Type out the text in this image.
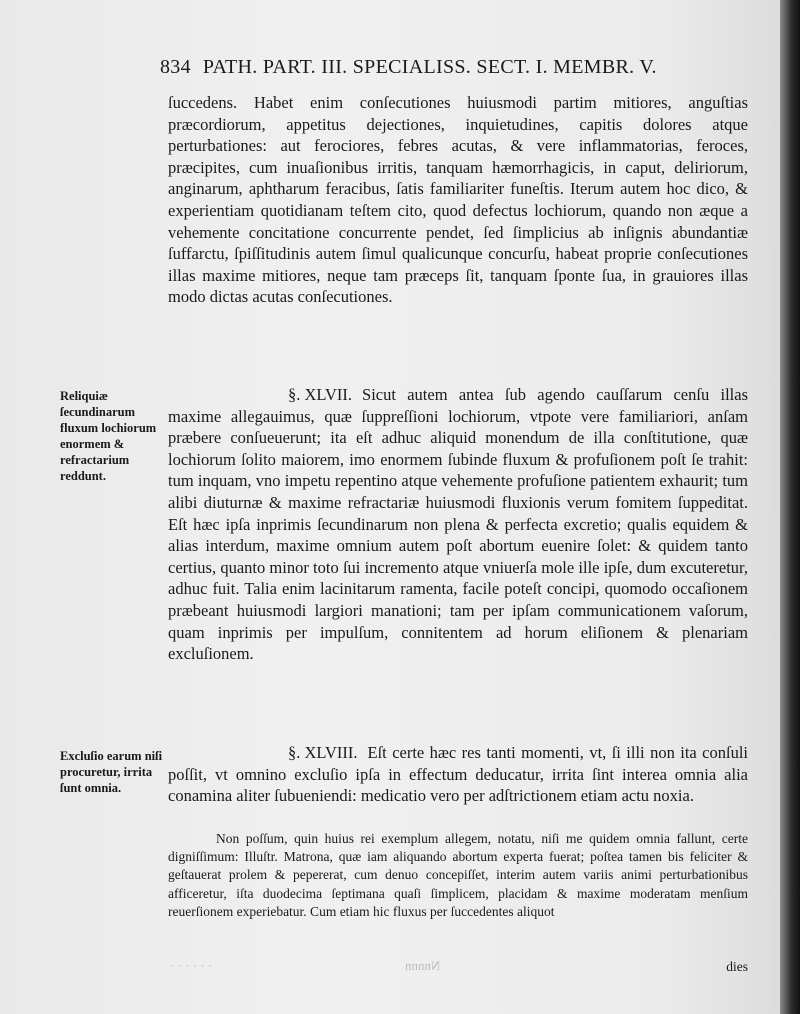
834 PATH. PART. III. SPECIALISS. SECT. I. MEMBR. V.

ſuccedens. Habet enim conſecutiones huiusmodi partim mitiores, anguſtias præcordiorum, appetitus dejectiones, inquietudines, capitis dolores atque perturbationes: aut ferociores, febres acutas, & vere inflammatorias, feroces, præcipites, cum inuaſionibus irritis, tanquam hæmorrhagicis, in caput, deliriorum, anginarum, aphtharum feracibus, ſatis familiariter funeſtis. Iterum autem hoc dico, & experientiam quotidianam teſtem cito, quod defectus lochiorum, quando non æque a vehemente concitatione concurrente pendet, ſed ſimplicius ab inſignis abundantiæ ſuffarctu, ſpiſſitudinis autem ſimul qualicunque concurſu, habeat proprie conſecutiones illas maxime mitiores, neque tam præceps ſit, tanquam ſponte ſua, in grauiores illas modo dictas acutas conſecutiones.

Reliquiæ ſecundinarum fluxum lochiorum enormem & refractarium reddunt.

§. XLVII. Sicut autem antea ſub agendo cauſſarum cenſu illas maxime allegauimus, quæ ſuppreſſioni lochiorum, vtpote vere familiariori, anſam præbere conſueuerunt; ita eſt adhuc aliquid monendum de illa conſtitutione, quæ lochiorum ſolito maiorem, imo enormem ſubinde fluxum & profuſionem poſt ſe trahit: tum inquam, vno impetu repentino atque vehemente profuſione patientem exhaurit; tum alibi diuturnæ & maxime refractariæ huiusmodi fluxionis verum fomitem ſuppeditat. Eſt hæc ipſa inprimis ſecundinarum non plena & perfecta excretio; qualis equidem & alias interdum, maxime omnium autem poſt abortum euenire ſolet: & quidem tanto certius, quanto minor toto ſui incremento atque vniuerſa mole ille ipſe, dum excuteretur, adhuc fuit. Talia enim lacinitarum ramenta, facile poteſt concipi, quomodo occaſionem præbeant huiusmodi largiori manationi; tam per ipſam communicationem vaſorum, quam inprimis per impulſum, connitentem ad horum eliſionem & plenariam excluſionem.

Excluſio earum niſi procuretur, irrita ſunt omnia.

§. XLVIII. Eſt certe hæc res tanti momenti, vt, ſi illi non ita conſuli poſſit, vt omnino excluſio ipſa in effectum deducatur, irrita ſint interea omnia alia conamina aliter ſubueniendi: medicatio vero per adſtrictionem etiam actu noxia.

Non poſſum, quin huius rei exemplum allegem, notatu, niſi me quidem omnia fallunt, certe digniſſimum: Illuſtr. Matrona, quæ iam aliquando abortum experta fuerat; poſtea tamen bis feliciter & geſtauerat prolem & pepererat, cum denuo concepiſſet, interim autem variis animi perturbationibus afficeretur, iſta duodecima ſeptimana quaſi ſimplicem, placidam & maxime moderatam menſium reuerſionem experiebatur. Cum etiam hic fluxus per ſuccedentes aliquot

dies
· · · · · ·	Nnnnn
